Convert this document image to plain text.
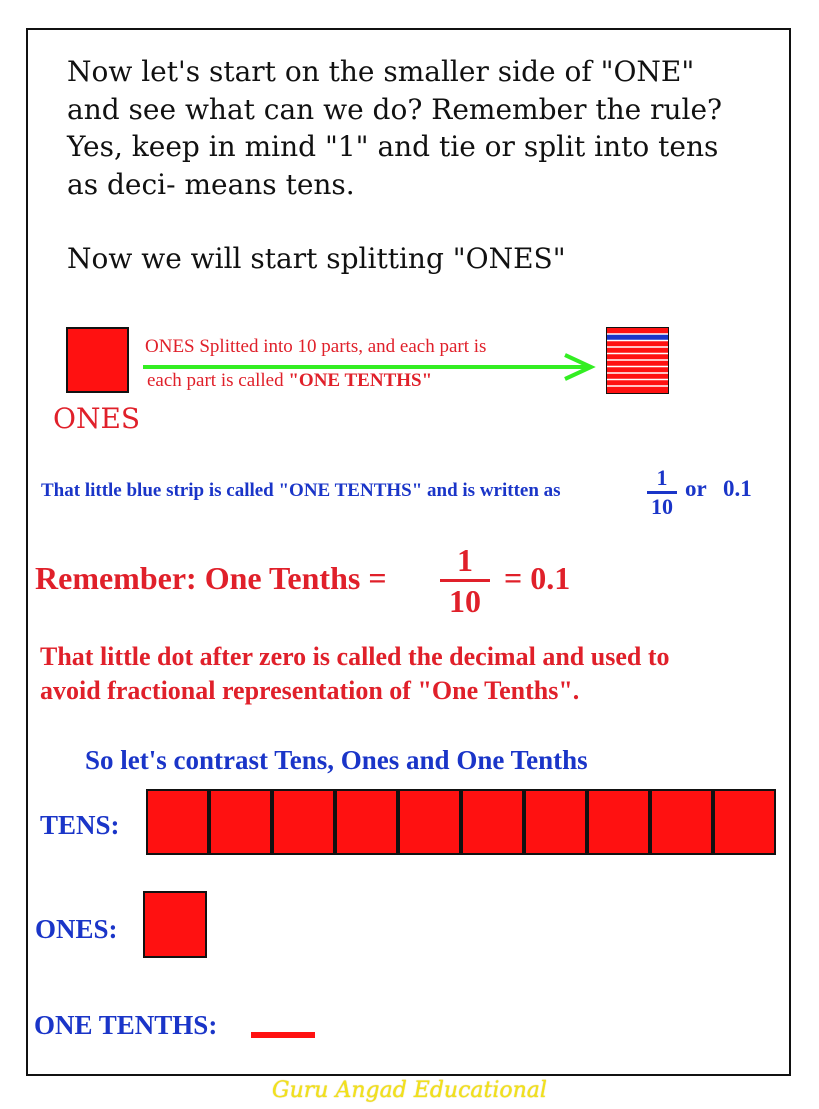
Now let's start on the smaller side of "ONE"
and see what can we do? Remember the rule?
Yes, keep in mind "1" and tie or split into tens
as deci- means tens.
Now we will start splitting "ONES"

ONES

ONES Splitted into 10 parts, and each part is

each part is called "ONE TENTHS"

That little blue strip is called "ONE TENTHS" and is written as

1
10

or 0.1

Remember: One Tenths =	1
10

= 0.1

That little dot after zero is called the decimal and used to
avoid fractional representation of "One Tenths".

So let's contrast Tens, Ones and One Tenths

TENS:

ONES:

ONE TENTHS:

Guru Angad Educational
